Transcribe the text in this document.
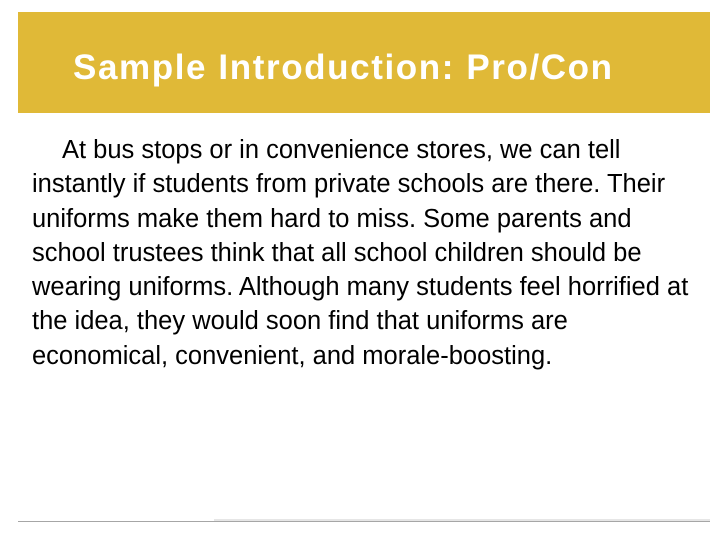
Sample Introduction: Pro/Con

At bus stops or in convenience stores, we can tell instantly if students from private schools are there. Their uniforms make them hard to miss. Some parents and school trustees think that all school children should be wearing uniforms. Although many students feel horrified at the idea, they would soon find that uniforms are economical, convenient, and morale-boosting.
